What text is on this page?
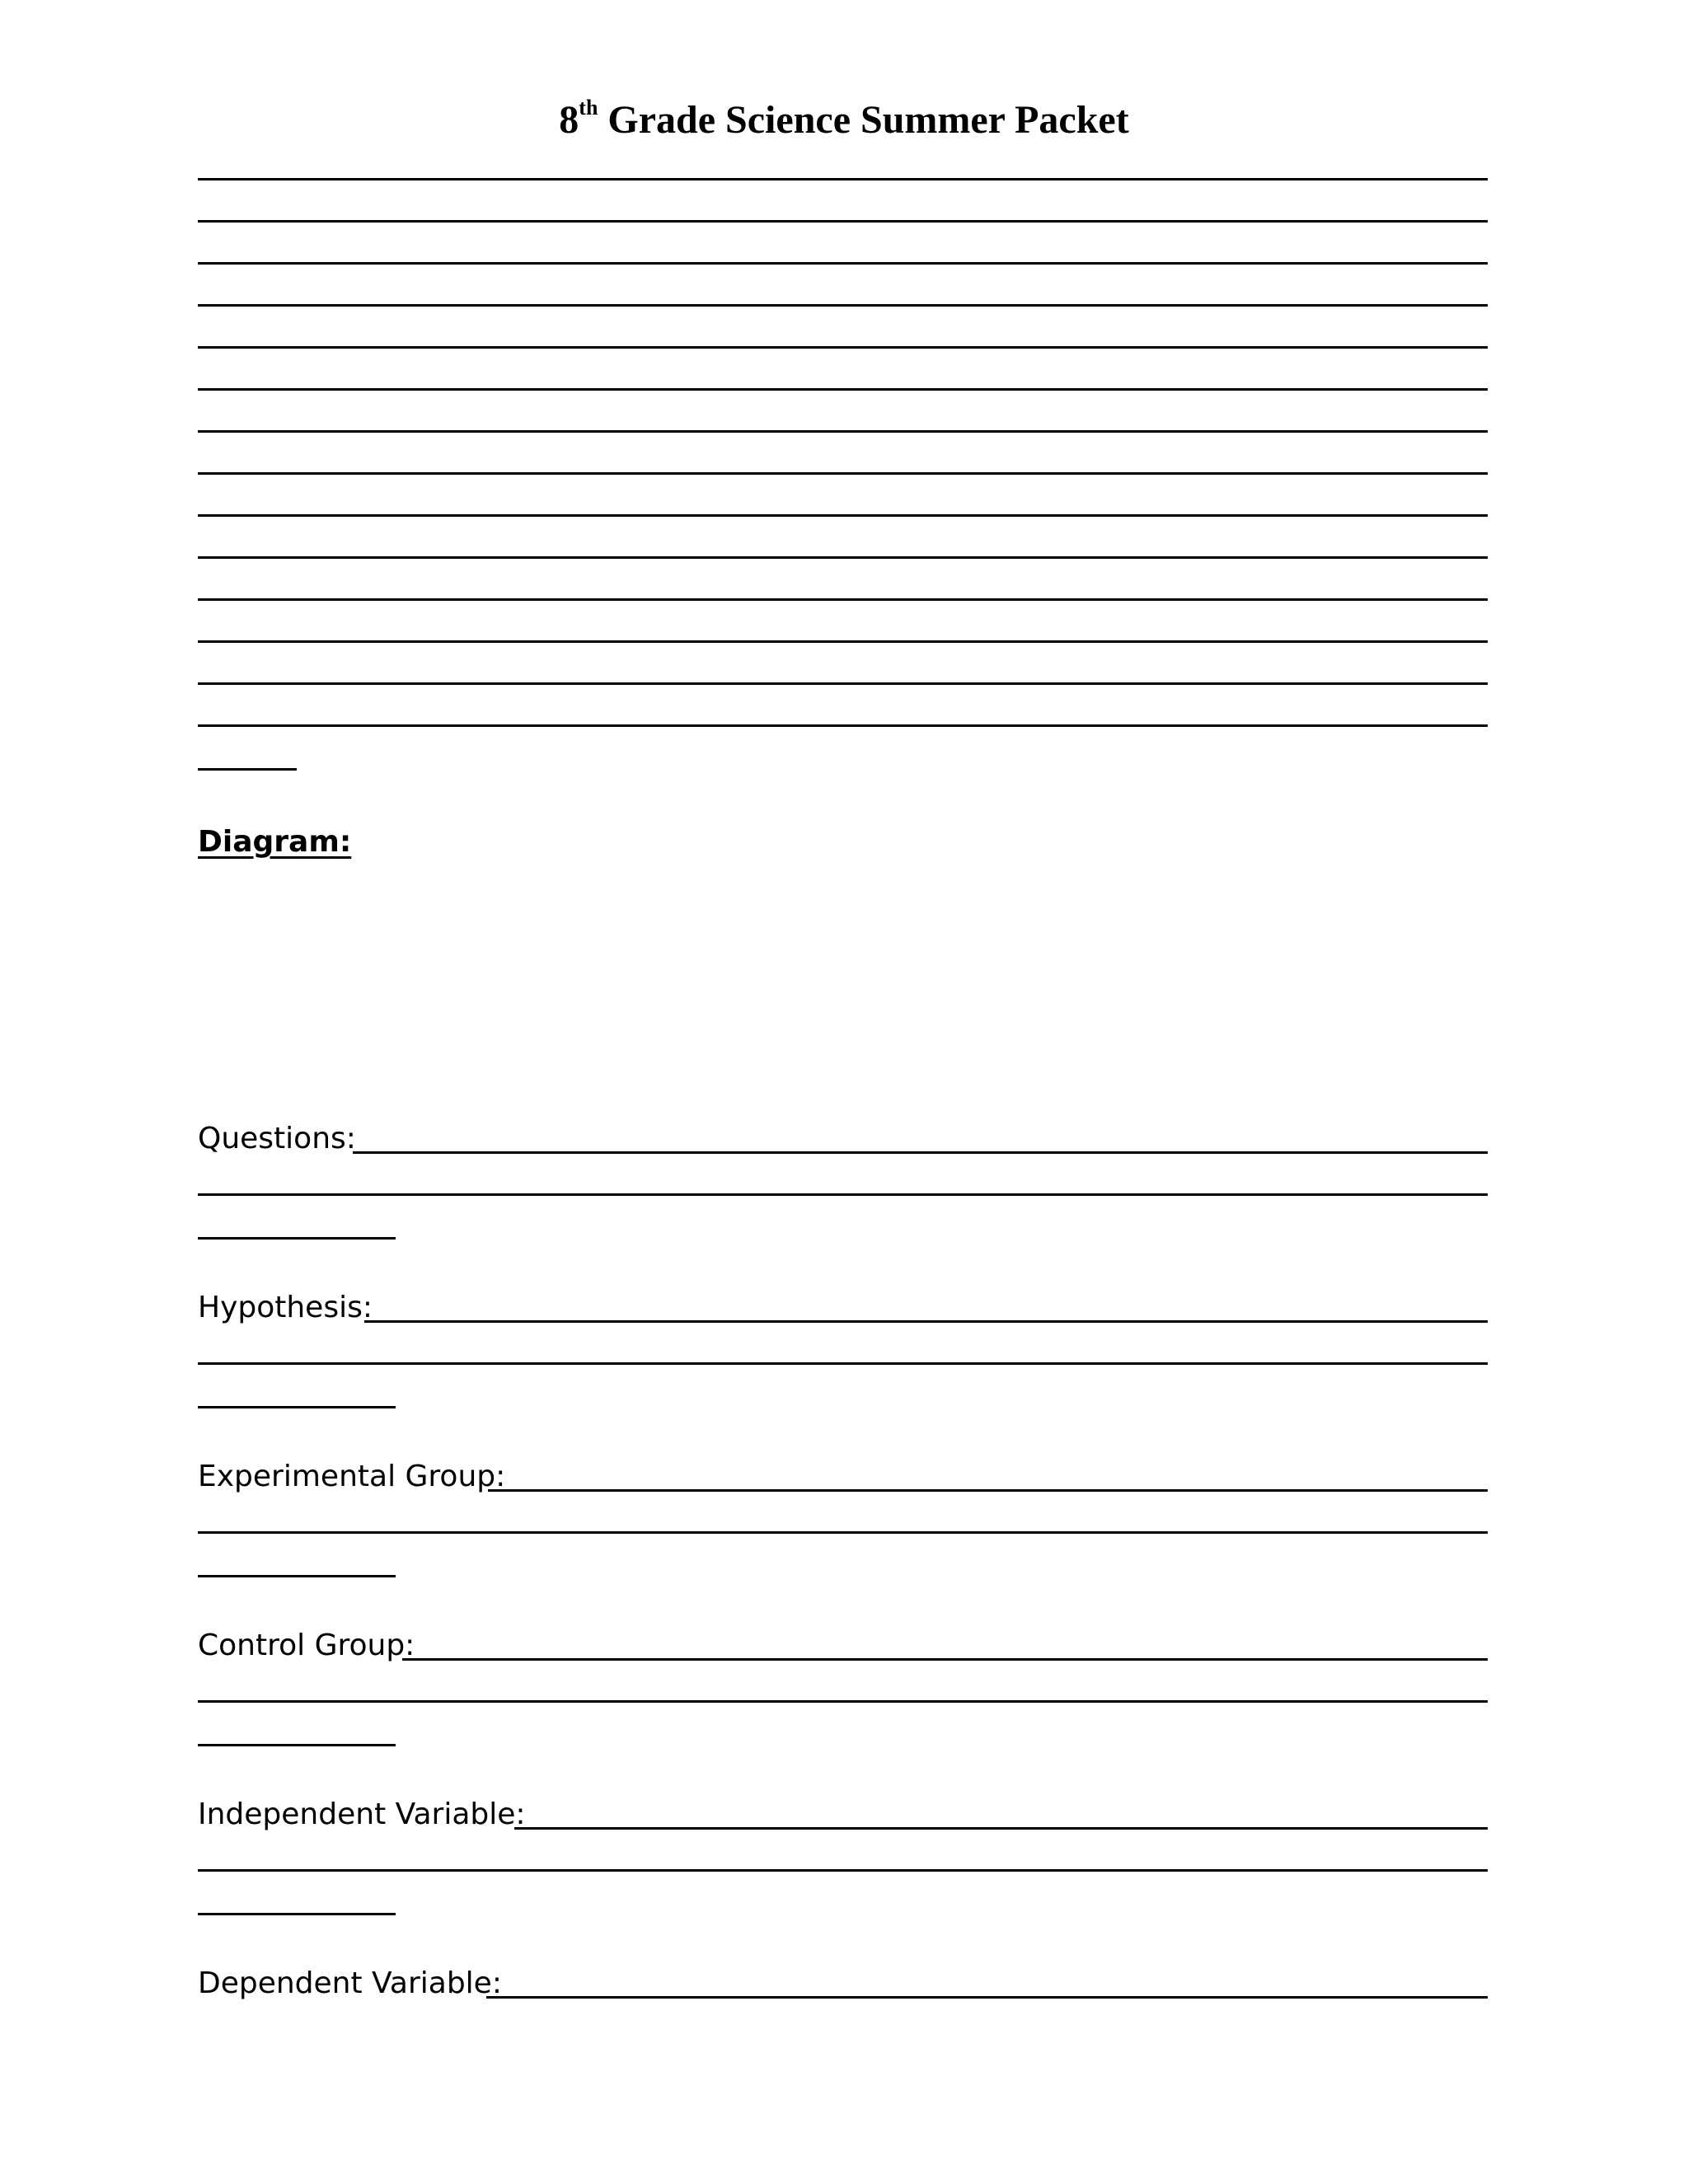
8th Grade Science Summer Packet
Diagram:
Questions:
Hypothesis:
Experimental Group:
Control Group:
Independent Variable:
Dependent Variable:
